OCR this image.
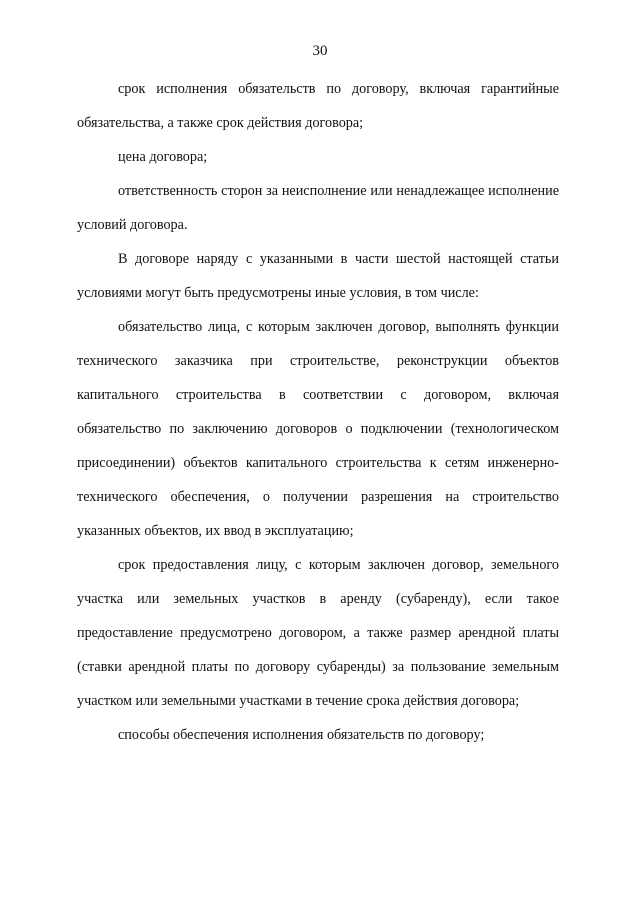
30

срок исполнения обязательств по договору, включая гарантийные обязательства, а также срок действия договора;

цена договора;

ответственность сторон за неисполнение или ненадлежащее исполнение условий договора.

В договоре наряду с указанными в части шестой настоящей статьи условиями могут быть предусмотрены иные условия, в том числе:

обязательство лица, с которым заключен договор, выполнять функции технического заказчика при строительстве, реконструкции объектов капитального строительства в соответствии с договором, включая обязательство по заключению договоров о подключении (технологическом присоединении) объектов капитального строительства к сетям инженерно-технического обеспечения, о получении разрешения на строительство указанных объектов, их ввод в эксплуатацию;

срок предоставления лицу, с которым заключен договор, земельного участка или земельных участков в аренду (субаренду), если такое предоставление предусмотрено договором, а также размер арендной платы (ставки арендной платы по договору субаренды) за пользование земельным участком или земельными участками в течение срока действия договора;

способы обеспечения исполнения обязательств по договору;
